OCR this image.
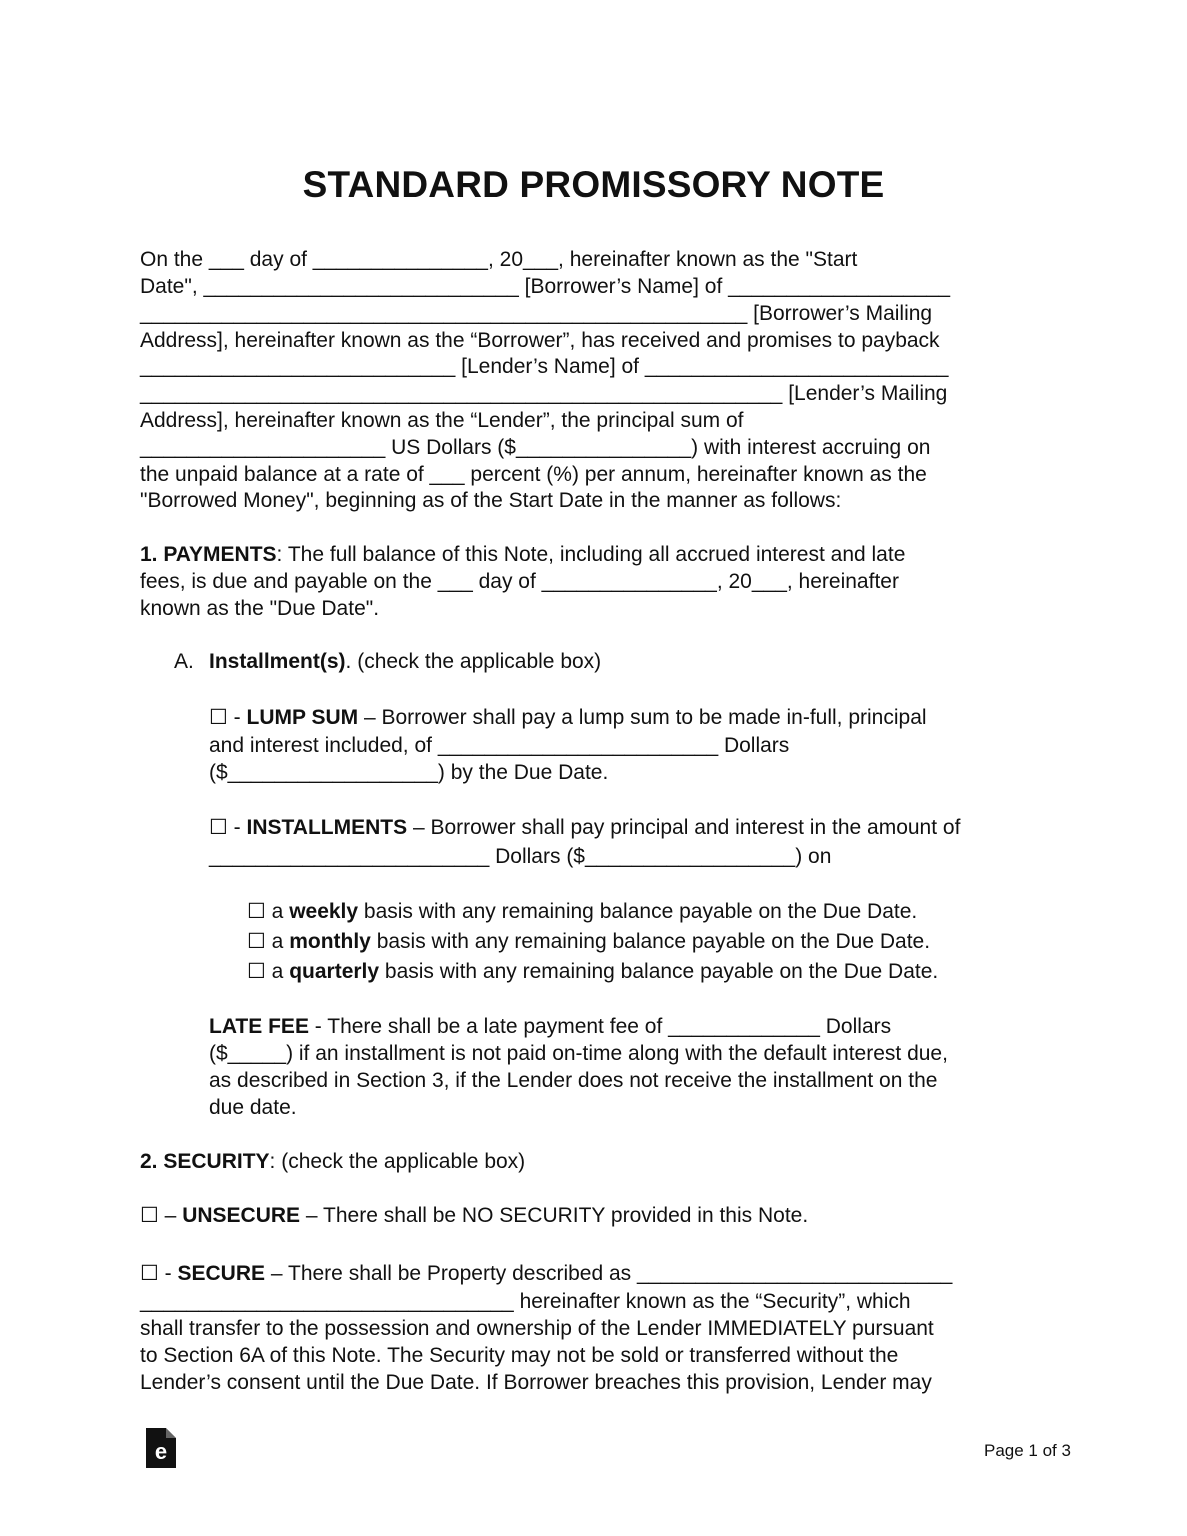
STANDARD PROMISSORY NOTE
On the ___ day of _______________, 20___, hereinafter known as the "Start
Date", ___________________________ [Borrower’s Name] of ___________________
____________________________________________________ [Borrower’s Mailing
Address], hereinafter known as the “Borrower”, has received and promises to payback
___________________________ [Lender’s Name] of __________________________
_______________________________________________________ [Lender’s Mailing
Address], hereinafter known as the “Lender”, the principal sum of
_____________________ US Dollars ($_______________) with interest accruing on
the unpaid balance at a rate of ___ percent (%) per annum, hereinafter known as the
"Borrowed Money", beginning as of the Start Date in the manner as follows:
1. PAYMENTS: The full balance of this Note, including all accrued interest and late
fees, is due and payable on the ___ day of _______________, 20___, hereinafter
known as the "Due Date".
A. Installment(s). (check the applicable box)
☐ - LUMP SUM – Borrower shall pay a lump sum to be made in-full, principal
and interest included, of ________________________ Dollars
($__________________) by the Due Date.
☐ - INSTALLMENTS – Borrower shall pay principal and interest in the amount of
________________________ Dollars ($__________________) on
☐ a weekly basis with any remaining balance payable on the Due Date.
☐ a monthly basis with any remaining balance payable on the Due Date.
☐ a quarterly basis with any remaining balance payable on the Due Date.
LATE FEE - There shall be a late payment fee of _____________ Dollars
($_____) if an installment is not paid on-time along with the default interest due,
as described in Section 3, if the Lender does not receive the installment on the
due date.
2. SECURITY: (check the applicable box)
☐ – UNSECURE – There shall be NO SECURITY provided in this Note.
☐ - SECURE – There shall be Property described as ___________________________
________________________________ hereinafter known as the “Security”, which
shall transfer to the possession and ownership of the Lender IMMEDIATELY pursuant
to Section 6A of this Note. The Security may not be sold or transferred without the
Lender’s consent until the Due Date. If Borrower breaches this provision, Lender may
e	Page 1 of 3
